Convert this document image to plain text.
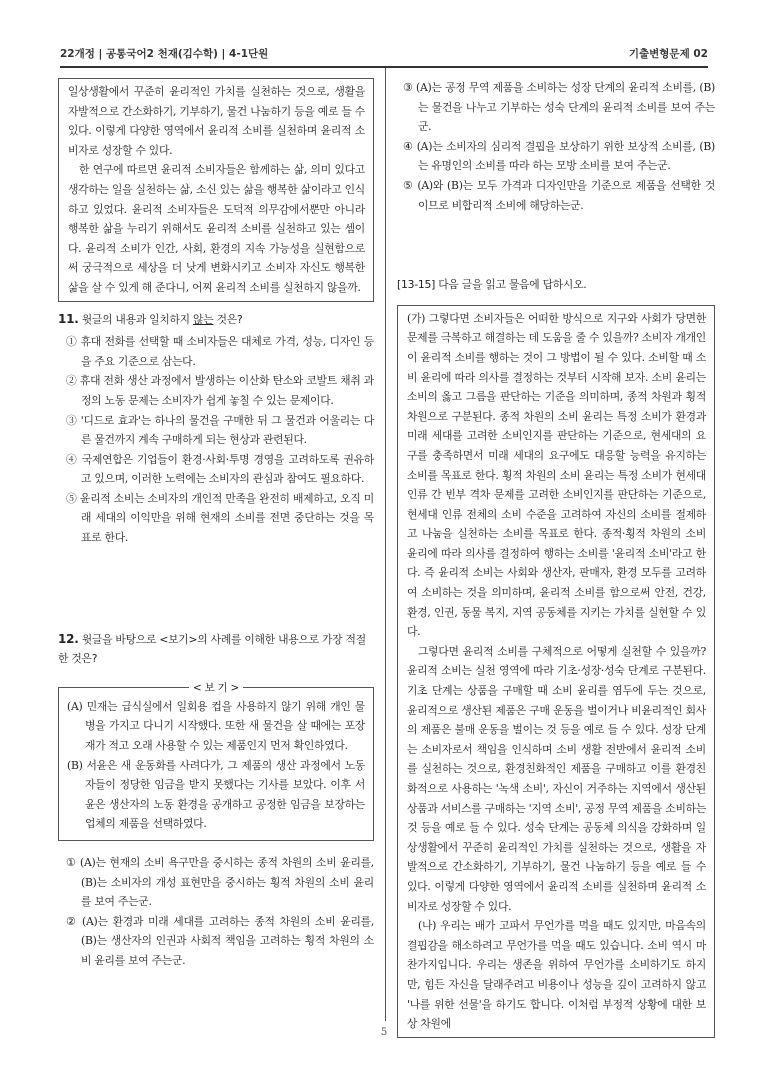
22개정 | 공통국어2 천재(김수학) | 4-1단원	기출변형문제 02

일상생활에서 꾸준히 윤리적인 가치를 실천하는 것으로, 생활을 자발적으로 간소화하기, 기부하기, 물건 나눔하기 등을 예로 들 수 있다. 이렇게 다양한 영역에서 윤리적 소비를 실천하며 윤리적 소비자로 성장할 수 있다.

한 연구에 따르면 윤리적 소비자들은 함께하는 삶, 의미 있다고 생각하는 일을 실천하는 삶, 소신 있는 삶을 행복한 삶이라고 인식하고 있었다. 윤리적 소비자들은 도덕적 의무감에서뿐만 아니라 행복한 삶을 누리기 위해서도 윤리적 소비를 실천하고 있는 셈이다. 윤리적 소비가 인간, 사회, 환경의 지속 가능성을 실현함으로써 궁극적으로 세상을 더 낫게 변화시키고 소비자 자신도 행복한 삶을 살 수 있게 해 준다니, 어찌 윤리적 소비를 실천하지 않을까.

11. 윗글의 내용과 일치하지 않는 것은?

① 휴대 전화를 선택할 때 소비자들은 대체로 가격, 성능, 디자인 등을 주요 기준으로 삼는다.

② 휴대 전화 생산 과정에서 발생하는 이산화 탄소와 코발트 채취 과정의 노동 문제는 소비자가 쉽게 놓칠 수 있는 문제이다.

③ '디드로 효과'는 하나의 물건을 구매한 뒤 그 물건과 어울리는 다른 물건까지 계속 구매하게 되는 현상과 관련된다.

④ 국제연합은 기업들이 환경·사회·투명 경영을 고려하도록 권유하고 있으며, 이러한 노력에는 소비자의 관심과 참여도 필요하다.

⑤ 윤리적 소비는 소비자의 개인적 만족을 완전히 배제하고, 오직 미래 세대의 이익만을 위해 현재의 소비를 전면 중단하는 것을 목표로 한다.

12. 윗글을 바탕으로 <보기>의 사례를 이해한 내용으로 가장 적절한 것은?

< 보 기 >

(A) 민재는 급식실에서 일회용 컵을 사용하지 않기 위해 개인 물병을 가지고 다니기 시작했다. 또한 새 물건을 살 때에는 포장재가 적고 오래 사용할 수 있는 제품인지 먼저 확인하였다.

(B) 서윤은 새 운동화를 사려다가, 그 제품의 생산 과정에서 노동자들이 정당한 임금을 받지 못했다는 기사를 보았다. 이후 서윤은 생산자의 노동 환경을 공개하고 공정한 임금을 보장하는 업체의 제품을 선택하였다.

① (A)는 현재의 소비 욕구만을 중시하는 종적 차원의 소비 윤리를, (B)는 소비자의 개성 표현만을 중시하는 횡적 차원의 소비 윤리를 보여 주는군.

② (A)는 환경과 미래 세대를 고려하는 종적 차원의 소비 윤리를, (B)는 생산자의 인권과 사회적 책임을 고려하는 횡적 차원의 소비 윤리를 보여 주는군.

③ (A)는 공정 무역 제품을 소비하는 성장 단계의 윤리적 소비를, (B)는 물건을 나누고 기부하는 성숙 단계의 윤리적 소비를 보여 주는군.

④ (A)는 소비자의 심리적 결핍을 보상하기 위한 보상적 소비를, (B)는 유명인의 소비를 따라 하는 모방 소비를 보여 주는군.

⑤ (A)와 (B)는 모두 가격과 디자인만을 기준으로 제품을 선택한 것이므로 비합리적 소비에 해당하는군.

[13-15] 다음 글을 읽고 물음에 답하시오.

(가) 그렇다면 소비자들은 어떠한 방식으로 지구와 사회가 당면한 문제를 극복하고 해결하는 데 도움을 줄 수 있을까? 소비자 개개인이 윤리적 소비를 행하는 것이 그 방법이 될 수 있다. 소비할 때 소비 윤리에 따라 의사를 결정하는 것부터 시작해 보자. 소비 윤리는 소비의 옳고 그름을 판단하는 기준을 의미하며, 종적 차원과 횡적 차원으로 구분된다. 종적 차원의 소비 윤리는 특정 소비가 환경과 미래 세대를 고려한 소비인지를 판단하는 기준으로, 현세대의 요구를 충족하면서 미래 세대의 요구에도 대응할 능력을 유지하는 소비를 목표로 한다. 횡적 차원의 소비 윤리는 특정 소비가 현세대 인류 간 빈부 격차 문제를 고려한 소비인지를 판단하는 기준으로, 현세대 인류 전체의 소비 수준을 고려하여 자신의 소비를 절제하고 나눔을 실천하는 소비를 목표로 한다. 종적·횡적 차원의 소비 윤리에 따라 의사를 결정하여 행하는 소비를 '윤리적 소비'라고 한다. 즉 윤리적 소비는 사회와 생산자, 판매자, 환경 모두를 고려하여 소비하는 것을 의미하며, 윤리적 소비를 함으로써 안전, 건강, 환경, 인권, 동물 복지, 지역 공동체를 지키는 가치를 실현할 수 있다.

그렇다면 윤리적 소비를 구체적으로 어떻게 실천할 수 있을까? 윤리적 소비는 실천 영역에 따라 기초·성장·성숙 단계로 구분된다. 기초 단계는 상품을 구매할 때 소비 윤리를 염두에 두는 것으로, 윤리적으로 생산된 제품은 구매 운동을 벌이거나 비윤리적인 회사의 제품은 불매 운동을 벌이는 것 등을 예로 들 수 있다. 성장 단계는 소비자로서 책임을 인식하며 소비 생활 전반에서 윤리적 소비를 실천하는 것으로, 환경친화적인 제품을 구매하고 이를 환경친화적으로 사용하는 '녹색 소비', 자신이 거주하는 지역에서 생산된 상품과 서비스를 구매하는 '지역 소비', 공정 무역 제품을 소비하는 것 등을 예로 들 수 있다. 성숙 단계는 공동체 의식을 강화하며 일상생활에서 꾸준히 윤리적인 가치를 실천하는 것으로, 생활을 자발적으로 간소화하기, 기부하기, 물건 나눔하기 등을 예로 들 수 있다. 이렇게 다양한 영역에서 윤리적 소비를 실천하며 윤리적 소비자로 성장할 수 있다.

(나) 우리는 배가 고파서 무언가를 먹을 때도 있지만, 마음속의 결핍감을 해소하려고 무언가를 먹을 때도 있습니다. 소비 역시 마찬가지입니다. 우리는 생존을 위하여 무언가를 소비하기도 하지만, 힘든 자신을 달래주려고 비용이나 성능을 깊이 고려하지 않고 '나를 위한 선물'을 하기도 합니다. 이처럼 부정적 상황에 대한 보상 차원에

5
